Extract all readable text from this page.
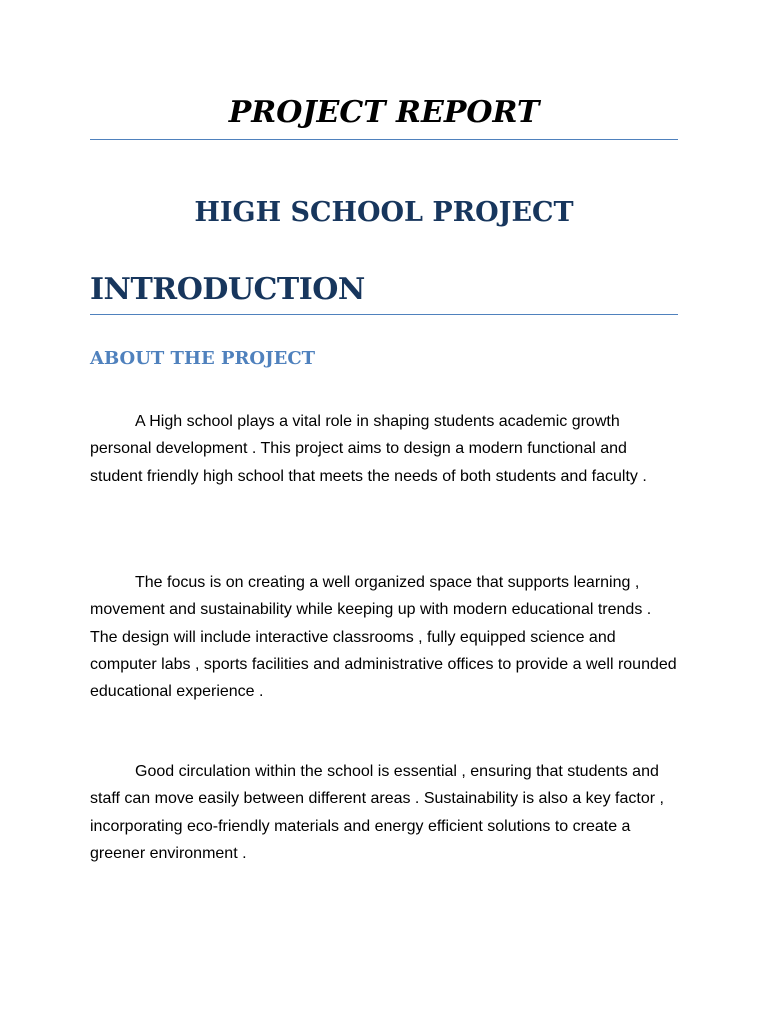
PROJECT REPORT
HIGH SCHOOL PROJECT
INTRODUCTION
ABOUT THE PROJECT

A High school plays a vital role in shaping students academic growth personal development . This project aims to design a modern functional and student friendly high school that meets the needs of both students and faculty .

The focus is on creating a well organized space that supports learning , movement and sustainability while keeping up with modern educational trends . The design will include interactive classrooms , fully equipped science and computer labs , sports facilities and administrative offices to provide a well rounded educational experience .

Good circulation within the school is essential , ensuring that students and staff can move easily between different areas . Sustainability is also a key factor , incorporating eco-friendly materials and energy efficient solutions to create a greener environment .
